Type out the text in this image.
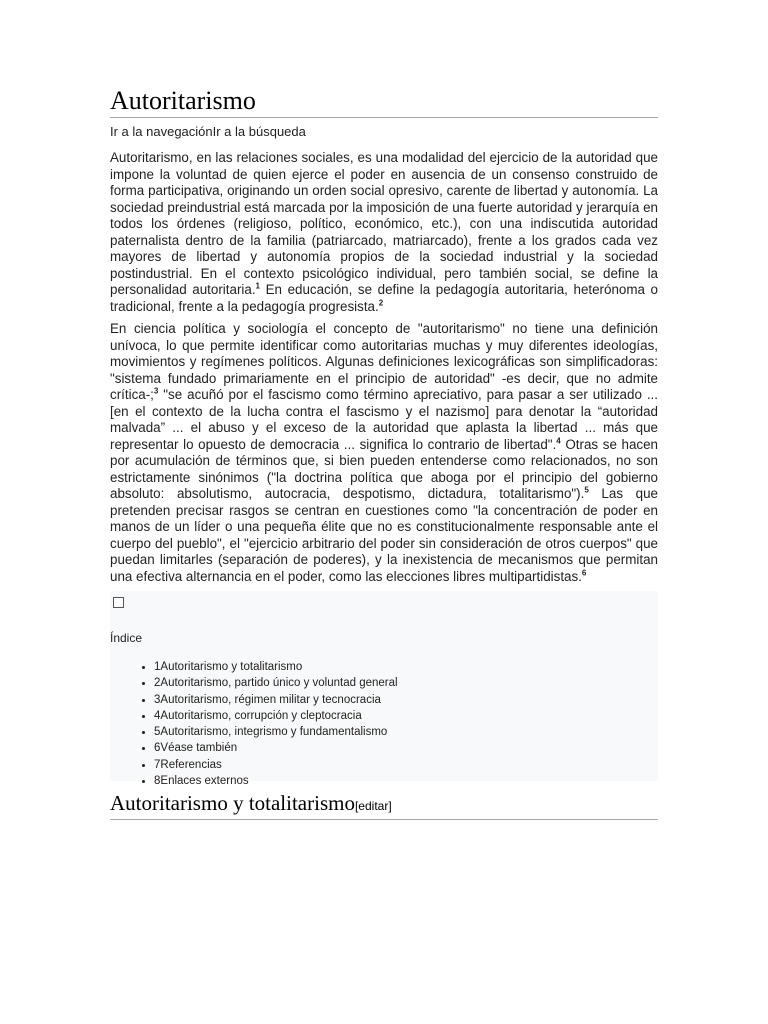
Autoritarismo
Ir a la navegaciónIr a la búsqueda

Autoritarismo, en las relaciones sociales, es una modalidad del ejercicio de la autoridad que impone la voluntad de quien ejerce el poder en ausencia de un consenso construido de forma participativa, originando un orden social opresivo, carente de libertad y autonomía. La sociedad preindustrial está marcada por la imposición de una fuerte autoridad y jerarquía en todos los órdenes (religioso, político, económico, etc.), con una indiscutida autoridad paternalista dentro de la familia (patriarcado, matriarcado), frente a los grados cada vez mayores de libertad y autonomía propios de la sociedad industrial y la sociedad postindustrial. En el contexto psicológico individual, pero también social, se define la personalidad autoritaria.$^1$ En educación, se define la pedagogía autoritaria, heterónoma o tradicional, frente a la pedagogía progresista.$^2$

En ciencia política y sociología el concepto de "autoritarismo" no tiene una definición unívoca, lo que permite identificar como autoritarias muchas y muy diferentes ideologías, movimientos y regímenes políticos. Algunas definiciones lexicográficas son simplificadoras: "sistema fundado primariamente en el principio de autoridad" -es decir, que no admite crítica-;$^3$ "se acuñó por el fascismo como término apreciativo, para pasar a ser utilizado ... [en el contexto de la lucha contra el fascismo y el nazismo] para denotar la “autoridad malvada” ... el abuso y el exceso de la autoridad que aplasta la libertad ... más que representar lo opuesto de democracia ... significa lo contrario de libertad".$^4$ Otras se hacen por acumulación de términos que, si bien pueden entenderse como relacionados, no son estrictamente sinónimos ("la doctrina política que aboga por el principio del gobierno absoluto: absolutismo, autocracia, despotismo, dictadura, totalitarismo").$^5$ Las que pretenden precisar rasgos se centran en cuestiones como "la concentración de poder en manos de un líder o una pequeña élite que no es constitucionalmente responsable ante el cuerpo del pueblo", el "ejercicio arbitrario del poder sin consideración de otros cuerpos" que puedan limitarles (separación de poderes), y la inexistencia de mecanismos que permitan una efectiva alternancia en el poder, como las elecciones libres multipartidistas.$^6$

Índice
• 1Autoritarismo y totalitarismo
• 2Autoritarismo, partido único y voluntad general
• 3Autoritarismo, régimen militar y tecnocracia
• 4Autoritarismo, corrupción y cleptocracia
• 5Autoritarismo, integrismo y fundamentalismo
• 6Véase también
• 7Referencias
• 8Enlaces externos
Autoritarismo y totalitarismo[editar]
